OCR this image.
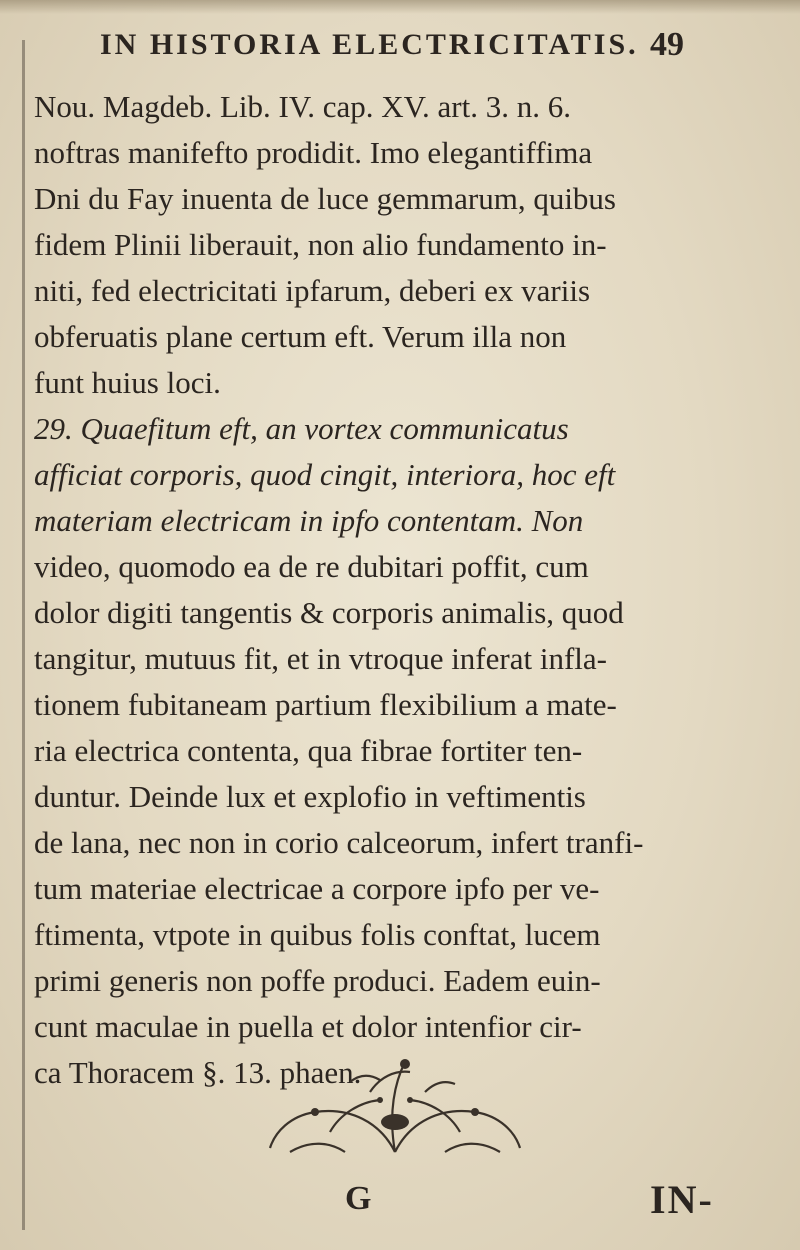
IN HISTORIA ELECTRICITATIS. 49
Nou. Magdeb. Lib. IV. cap. XV. art. 3. n. 6.
noftras manifefto prodidit. Imo elegantiffima
Dni du Fay inuenta de luce gemmarum, quibus
fidem Plinii liberauit, non alio fundamento in-
niti, fed electricitati ipfarum, deberi ex variis
obferuatis plane certum eft. Verum illa non
funt huius loci.
29. Quaefitum eft, an vortex communicatus
afficiat corporis, quod cingit, interiora, hoc eft
materiam electricam in ipfo contentam. Non
video, quomodo ea de re dubitari poffit, cum
dolor digiti tangentis & corporis animalis, quod
tangitur, mutuus fit, et in vtroque inferat infla-
tionem fubitaneam partium flexibilium a mate-
ria electrica contenta, qua fibrae fortiter ten-
duntur. Deinde lux et explofio in veftimentis
de lana, nec non in corio calceorum, infert tranfi-
tum materiae electricae a corpore ipfo per ve-
ftimenta, vtpote in quibus folis conftat, lucem
primi generis non poffe produci. Eadem euin-
cunt maculae in puella et dolor intenfior cir-
ca Thoracem §. 13. phaen.
G	IN-
